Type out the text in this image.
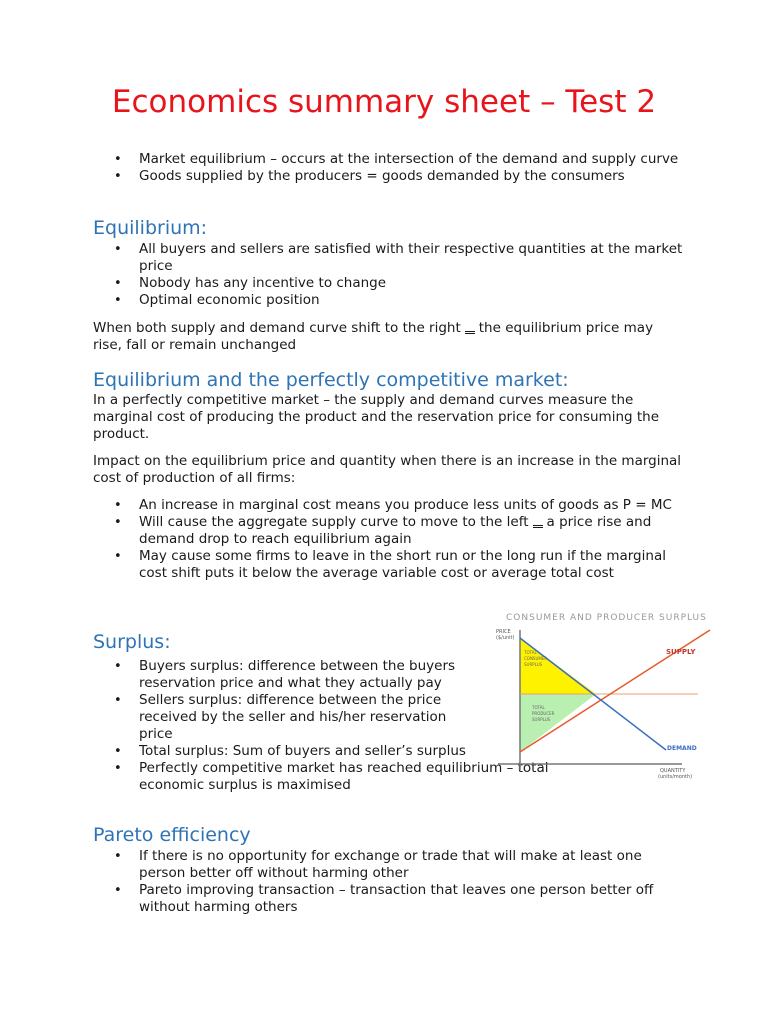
Economics summary sheet – Test 2
• Market equilibrium – occurs at the intersection of the demand and supply curve
• Goods supplied by the producers = goods demanded by the consumers
Equilibrium:
• All buyers and sellers are satisfied with their respective quantities at the market price
• Nobody has any incentive to change
• Optimal economic position

When both supply and demand curve shift to the right the equilibrium price may rise, fall or remain unchanged

Equilibrium and the perfectly competitive market:

In a perfectly competitive market – the supply and demand curves measure the marginal cost of producing the product and the reservation price for consuming the product.

Impact on the equilibrium price and quantity when there is an increase in the marginal cost of production of all firms:

• An increase in marginal cost means you produce less units of goods as P = MC
• Will cause the aggregate supply curve to move to the left a price rise and demand drop to reach equilibrium again
• May cause some firms to leave in the short run or the long run if the marginal cost shift puts it below the average variable cost or average total cost
Surplus:
• Buyers surplus: difference between the buyers reservation price and what they actually pay
• Sellers surplus: difference between the price received by the seller and his/her reservation price
• Total surplus: Sum of buyers and seller’s surplus
• Perfectly competitive market has reached equilibrium – total economic surplus is maximised
CONSUMER AND PRODUCER SURPLUS
PRICE
($/unit)
QUANTITY
(units/month)
SUPPLY
DEMAND
TOTAL
CONSUMER
SURPLUS
TOTAL
PRODUCER
SURPLUS
Pareto efficiency
• If there is no opportunity for exchange or trade that will make at least one person better off without harming other
• Pareto improving transaction – transaction that leaves one person better off without harming others
